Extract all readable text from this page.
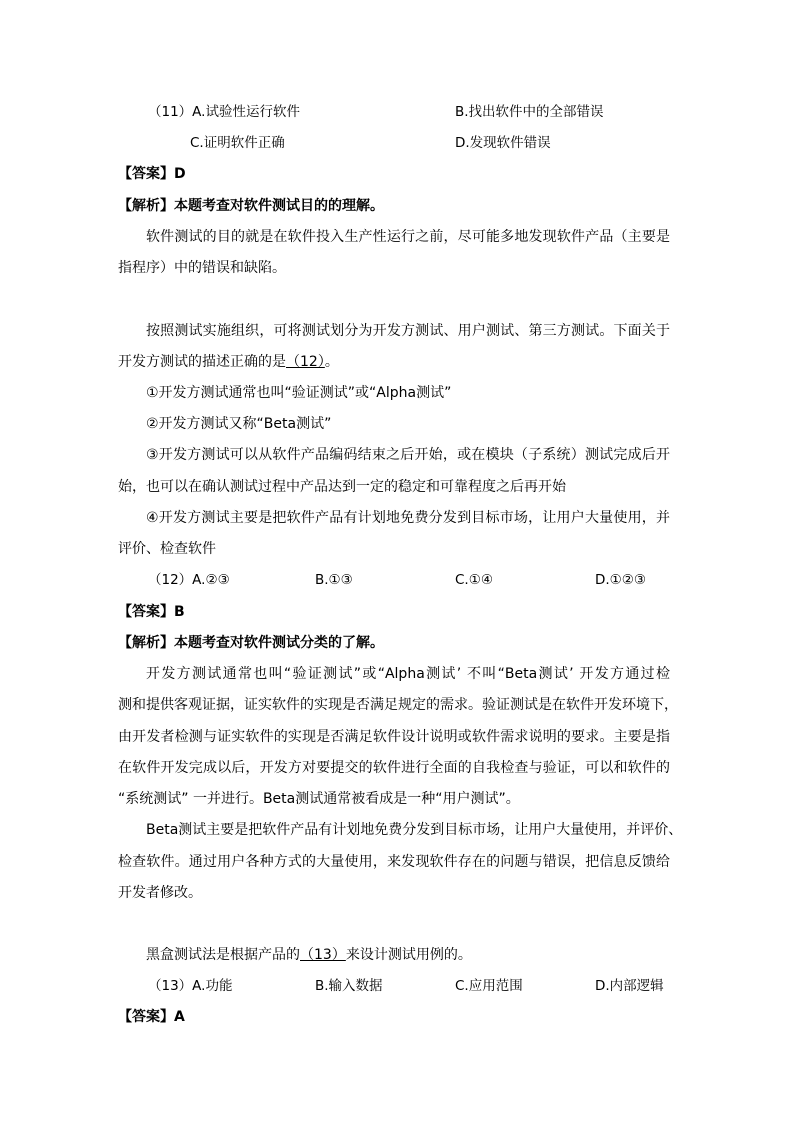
（11）A.试验性运行软件	B.找出软件中的全部错误
C.证明软件正确	D.发现软件错误
【答案】D
【解析】本题考查对软件测试目的的理解。
软件测试的目的就是在软件投入生产性运行之前，尽可能多地发现软件产品（主要是
指程序）中的错误和缺陷。
按照测试实施组织，可将测试划分为开发方测试、用户测试、第三方测试。下面关于
开发方测试的描述正确的是（12）。
①开发方测试通常也叫“验证测试”或“Alpha测试”
②开发方测试又称“Beta测试”
③开发方测试可以从软件产品编码结束之后开始，或在模块（子系统）测试完成后开
始，也可以在确认测试过程中产品达到一定的稳定和可靠程度之后再开始
④开发方测试主要是把软件产品有计划地免费分发到目标市场，让用户大量使用，并
评价、检查软件
（12）A.②③	B.①③	C.①④	D.①②③
【答案】B
【解析】本题考查对软件测试分类的了解。
开发方测试通常也叫“验证测试”或“Alpha测试’ 不叫“Beta测试’ 开发方通过检
测和提供客观证据，证实软件的实现是否满足规定的需求。验证测试是在软件开发环境下，
由开发者检测与证实软件的实现是否满足软件设计说明或软件需求说明的要求。主要是指
在软件开发完成以后，开发方对要提交的软件进行全面的自我检查与验证，可以和软件的
“系统测试” 一并进行。Beta测试通常被看成是一种“用户测试”。
Beta测试主要是把软件产品有计划地免费分发到目标市场，让用户大量使用，并评价、
检查软件。通过用户各种方式的大量使用，来发现软件存在的问题与错误，把信息反馈给
开发者修改。
黑盒测试法是根据产品的（13）来设计测试用例的。
（13）A.功能	B.输入数据	C.应用范围	D.内部逻辑
【答案】A
